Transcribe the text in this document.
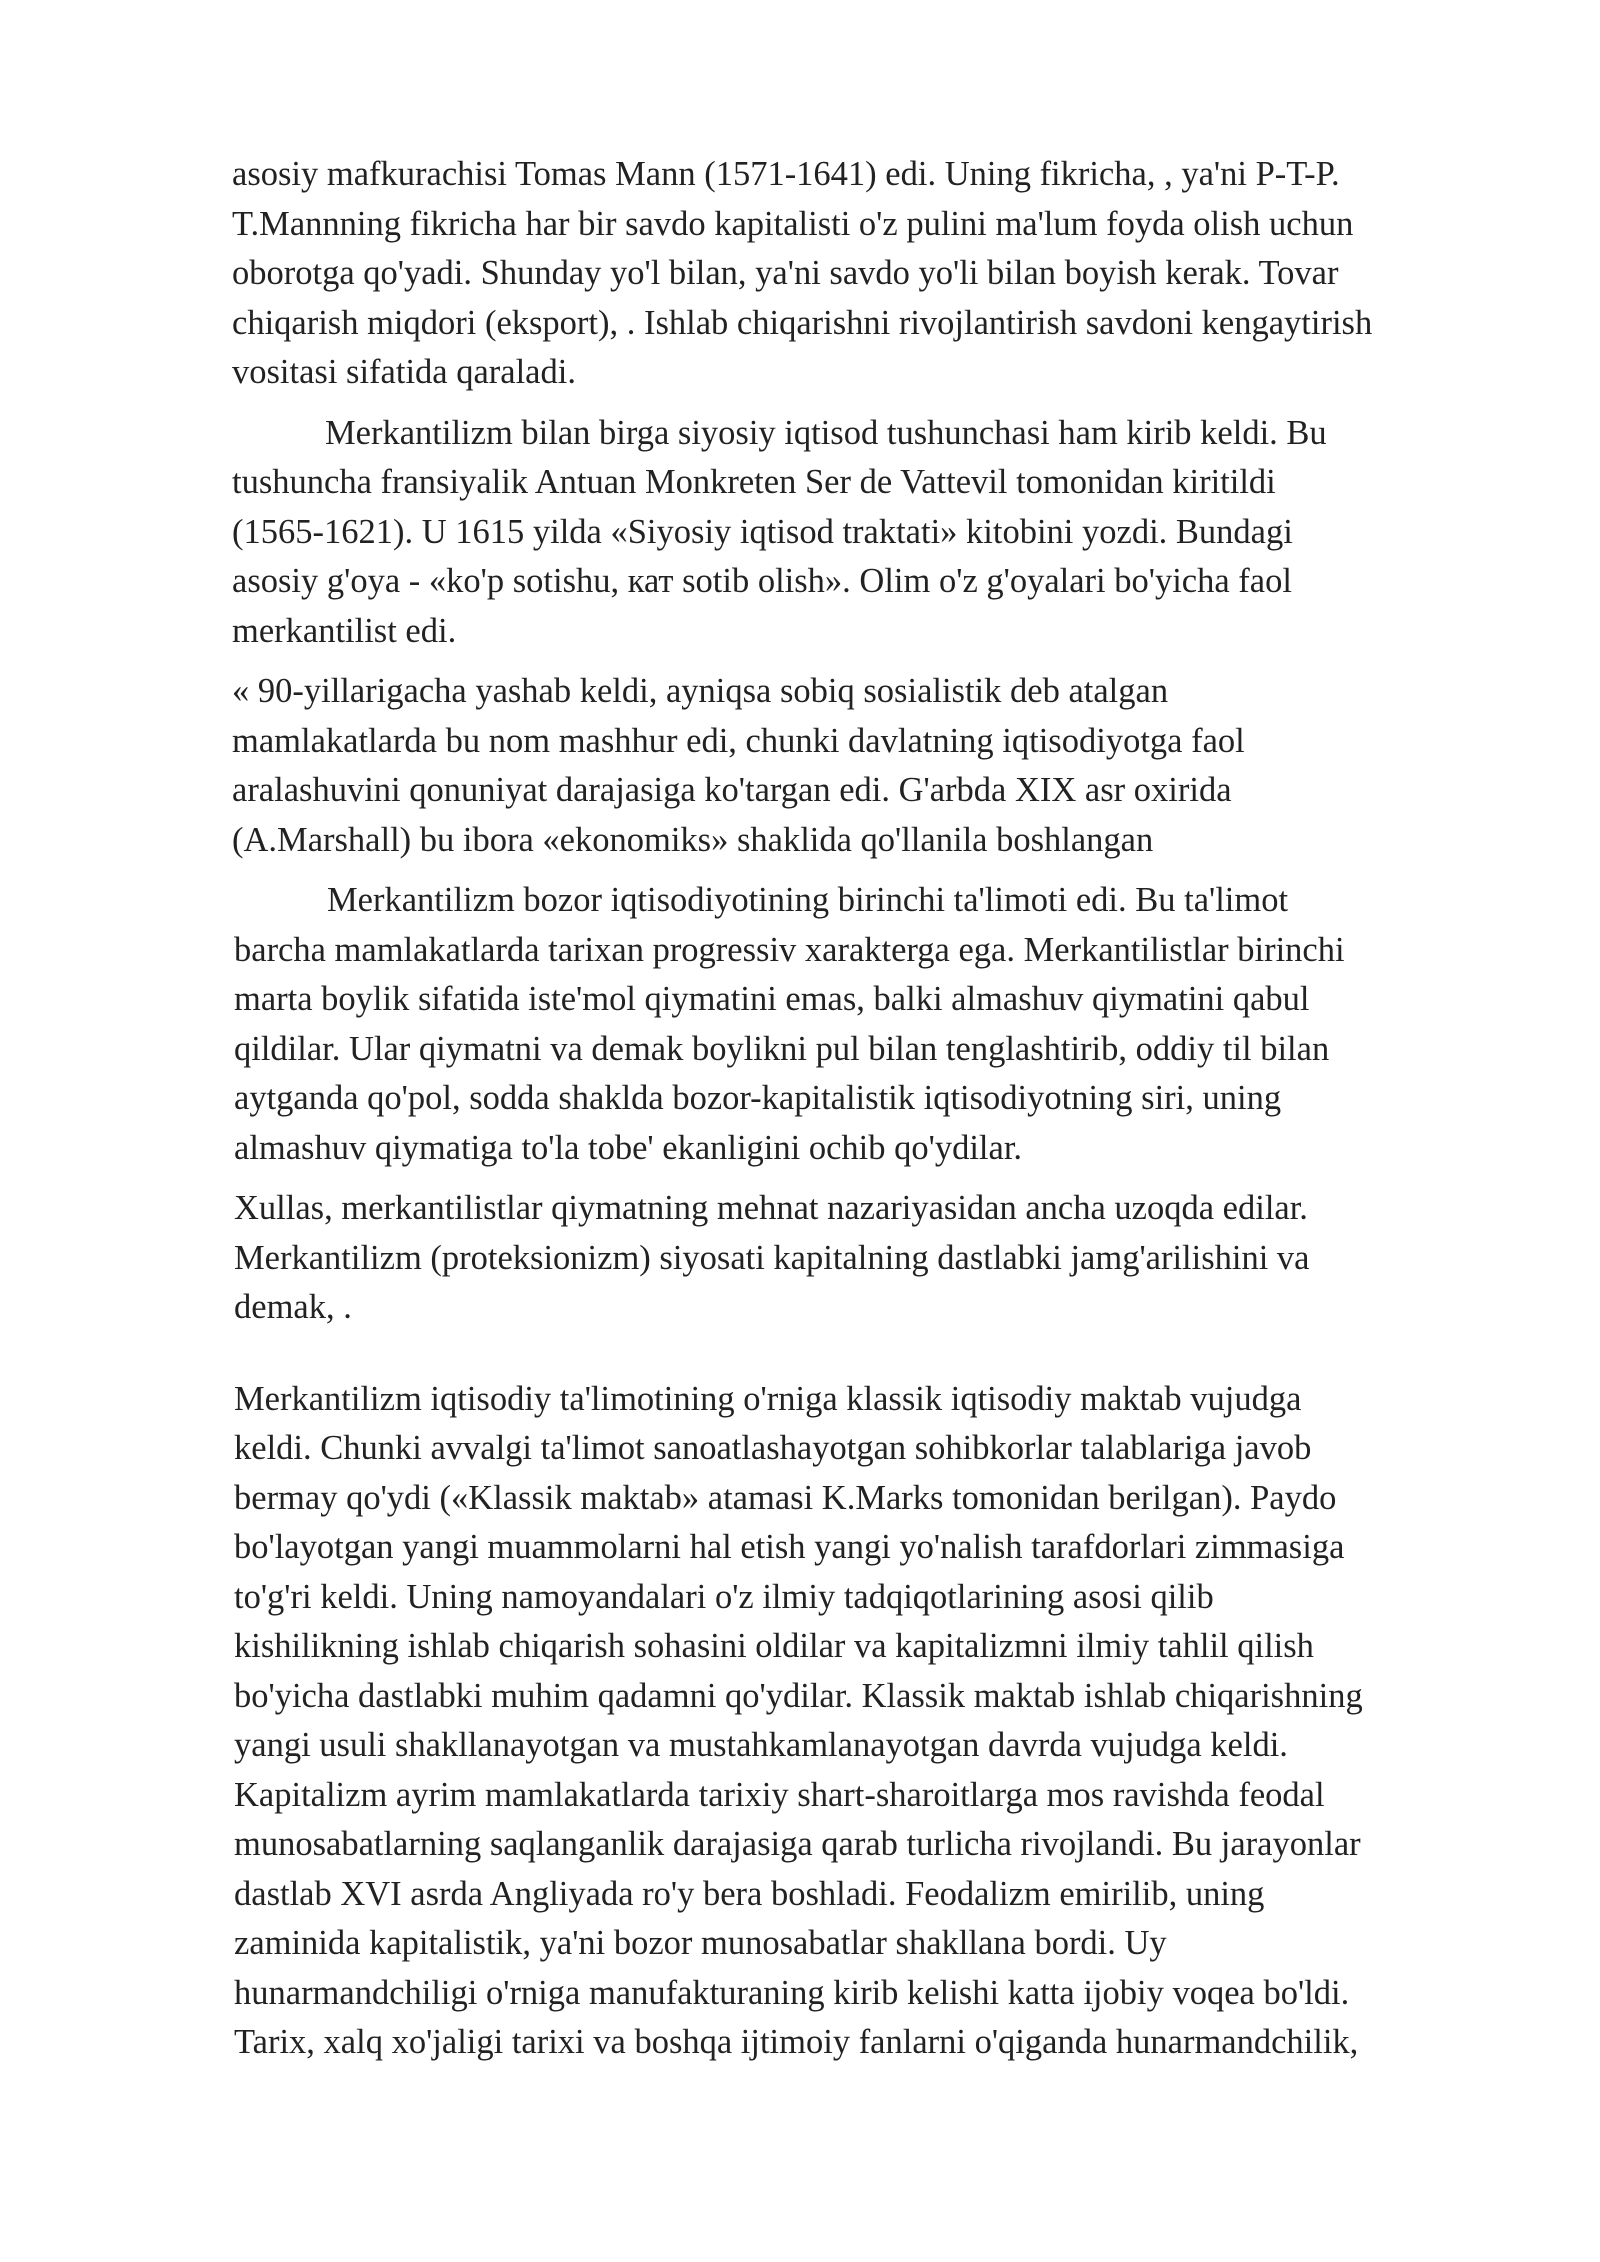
asosiy mafkurachisi Tomas Mann (1571-1641) edi. Uning fikricha, , ya'ni P-T-P.
T.Mannning fikricha har bir savdo kapitalisti o'z pulini ma'lum foyda olish uchun
oborotga qo'yadi. Shunday yo'l bilan, ya'ni savdo yo'li bilan boyish kerak. Tovar
chiqarish miqdori (eksport), . Ishlab chiqarishni rivojlantirish savdoni kengaytirish
vositasi sifatida qaraladi.
Merkantilizm bilan birga siyosiy iqtisod tushunchasi ham kirib keldi. Bu
tushuncha fransiyalik Antuan Monkreten Ser de Vattevil tomonidan kiritildi
(1565-1621). U 1615 yilda «Siyosiy iqtisod traktati» kitobini yozdi. Bundagi
asosiy g'oya - «ko'p sotishu, кат sotib olish». Olim o'z g'oyalari bo'yicha faol
merkantilist edi.
« 90-yillarigacha yashab keldi, ayniqsa sobiq sosialistik deb atalgan
mamlakatlarda bu nom mashhur edi, chunki davlatning iqtisodiyotga faol
aralashuvini qonuniyat darajasiga ko'targan edi. G'arbda XIX asr oxirida
(A.Marshall) bu ibora «ekonomiks» shaklida qo'llanila boshlangan
Merkantilizm bozor iqtisodiyotining birinchi ta'limoti edi. Bu ta'limot
barcha mamlakatlarda tarixan progressiv xarakterga ega. Merkantilistlar birinchi
marta boylik sifatida iste'mol qiymatini emas, balki almashuv qiymatini qabul
qildilar. Ular qiymatni va demak boylikni pul bilan tenglashtirib, oddiy til bilan
aytganda qo'pol, sodda shaklda bozor-kapitalistik iqtisodiyotning siri, uning
almashuv qiymatiga to'la tobe' ekanligini ochib qo'ydilar.
Xullas, merkantilistlar qiymatning mehnat nazariyasidan ancha uzoqda edilar.
Merkantilizm (proteksionizm) siyosati kapitalning dastlabki jamg'arilishini va
demak, .
Merkantilizm iqtisodiy ta'limotining o'rniga klassik iqtisodiy maktab vujudga
keldi. Chunki avvalgi ta'limot sanoatlashayotgan sohibkorlar talablariga javob
bermay qo'ydi («Klassik maktab» atamasi K.Marks tomonidan berilgan). Paydo
bo'layotgan yangi muammolarni hal etish yangi yo'nalish tarafdorlari zimmasiga
to'g'ri keldi. Uning namoyandalari o'z ilmiy tadqiqotlarining asosi qilib
kishilikning ishlab chiqarish sohasini oldilar va kapitalizmni ilmiy tahlil qilish
bo'yicha dastlabki muhim qadamni qo'ydilar. Klassik maktab ishlab chiqarishning
yangi usuli shakllanayotgan va mustahkamlanayotgan davrda vujudga keldi.
Kapitalizm ayrim mamlakatlarda tarixiy shart-sharoitlarga mos ravishda feodal
munosabatlarning saqlanganlik darajasiga qarab turlicha rivojlandi. Bu jarayonlar
dastlab XVI asrda Angliyada ro'y bera boshladi. Feodalizm emirilib, uning
zaminida kapitalistik, ya'ni bozor munosabatlar shakllana bordi. Uy
hunarmandchiligi o'rniga manufakturaning kirib kelishi katta ijobiy voqea bo'ldi.
Tarix, xalq xo'jaligi tarixi va boshqa ijtimoiy fanlarni o'qiganda hunarmandchilik,
